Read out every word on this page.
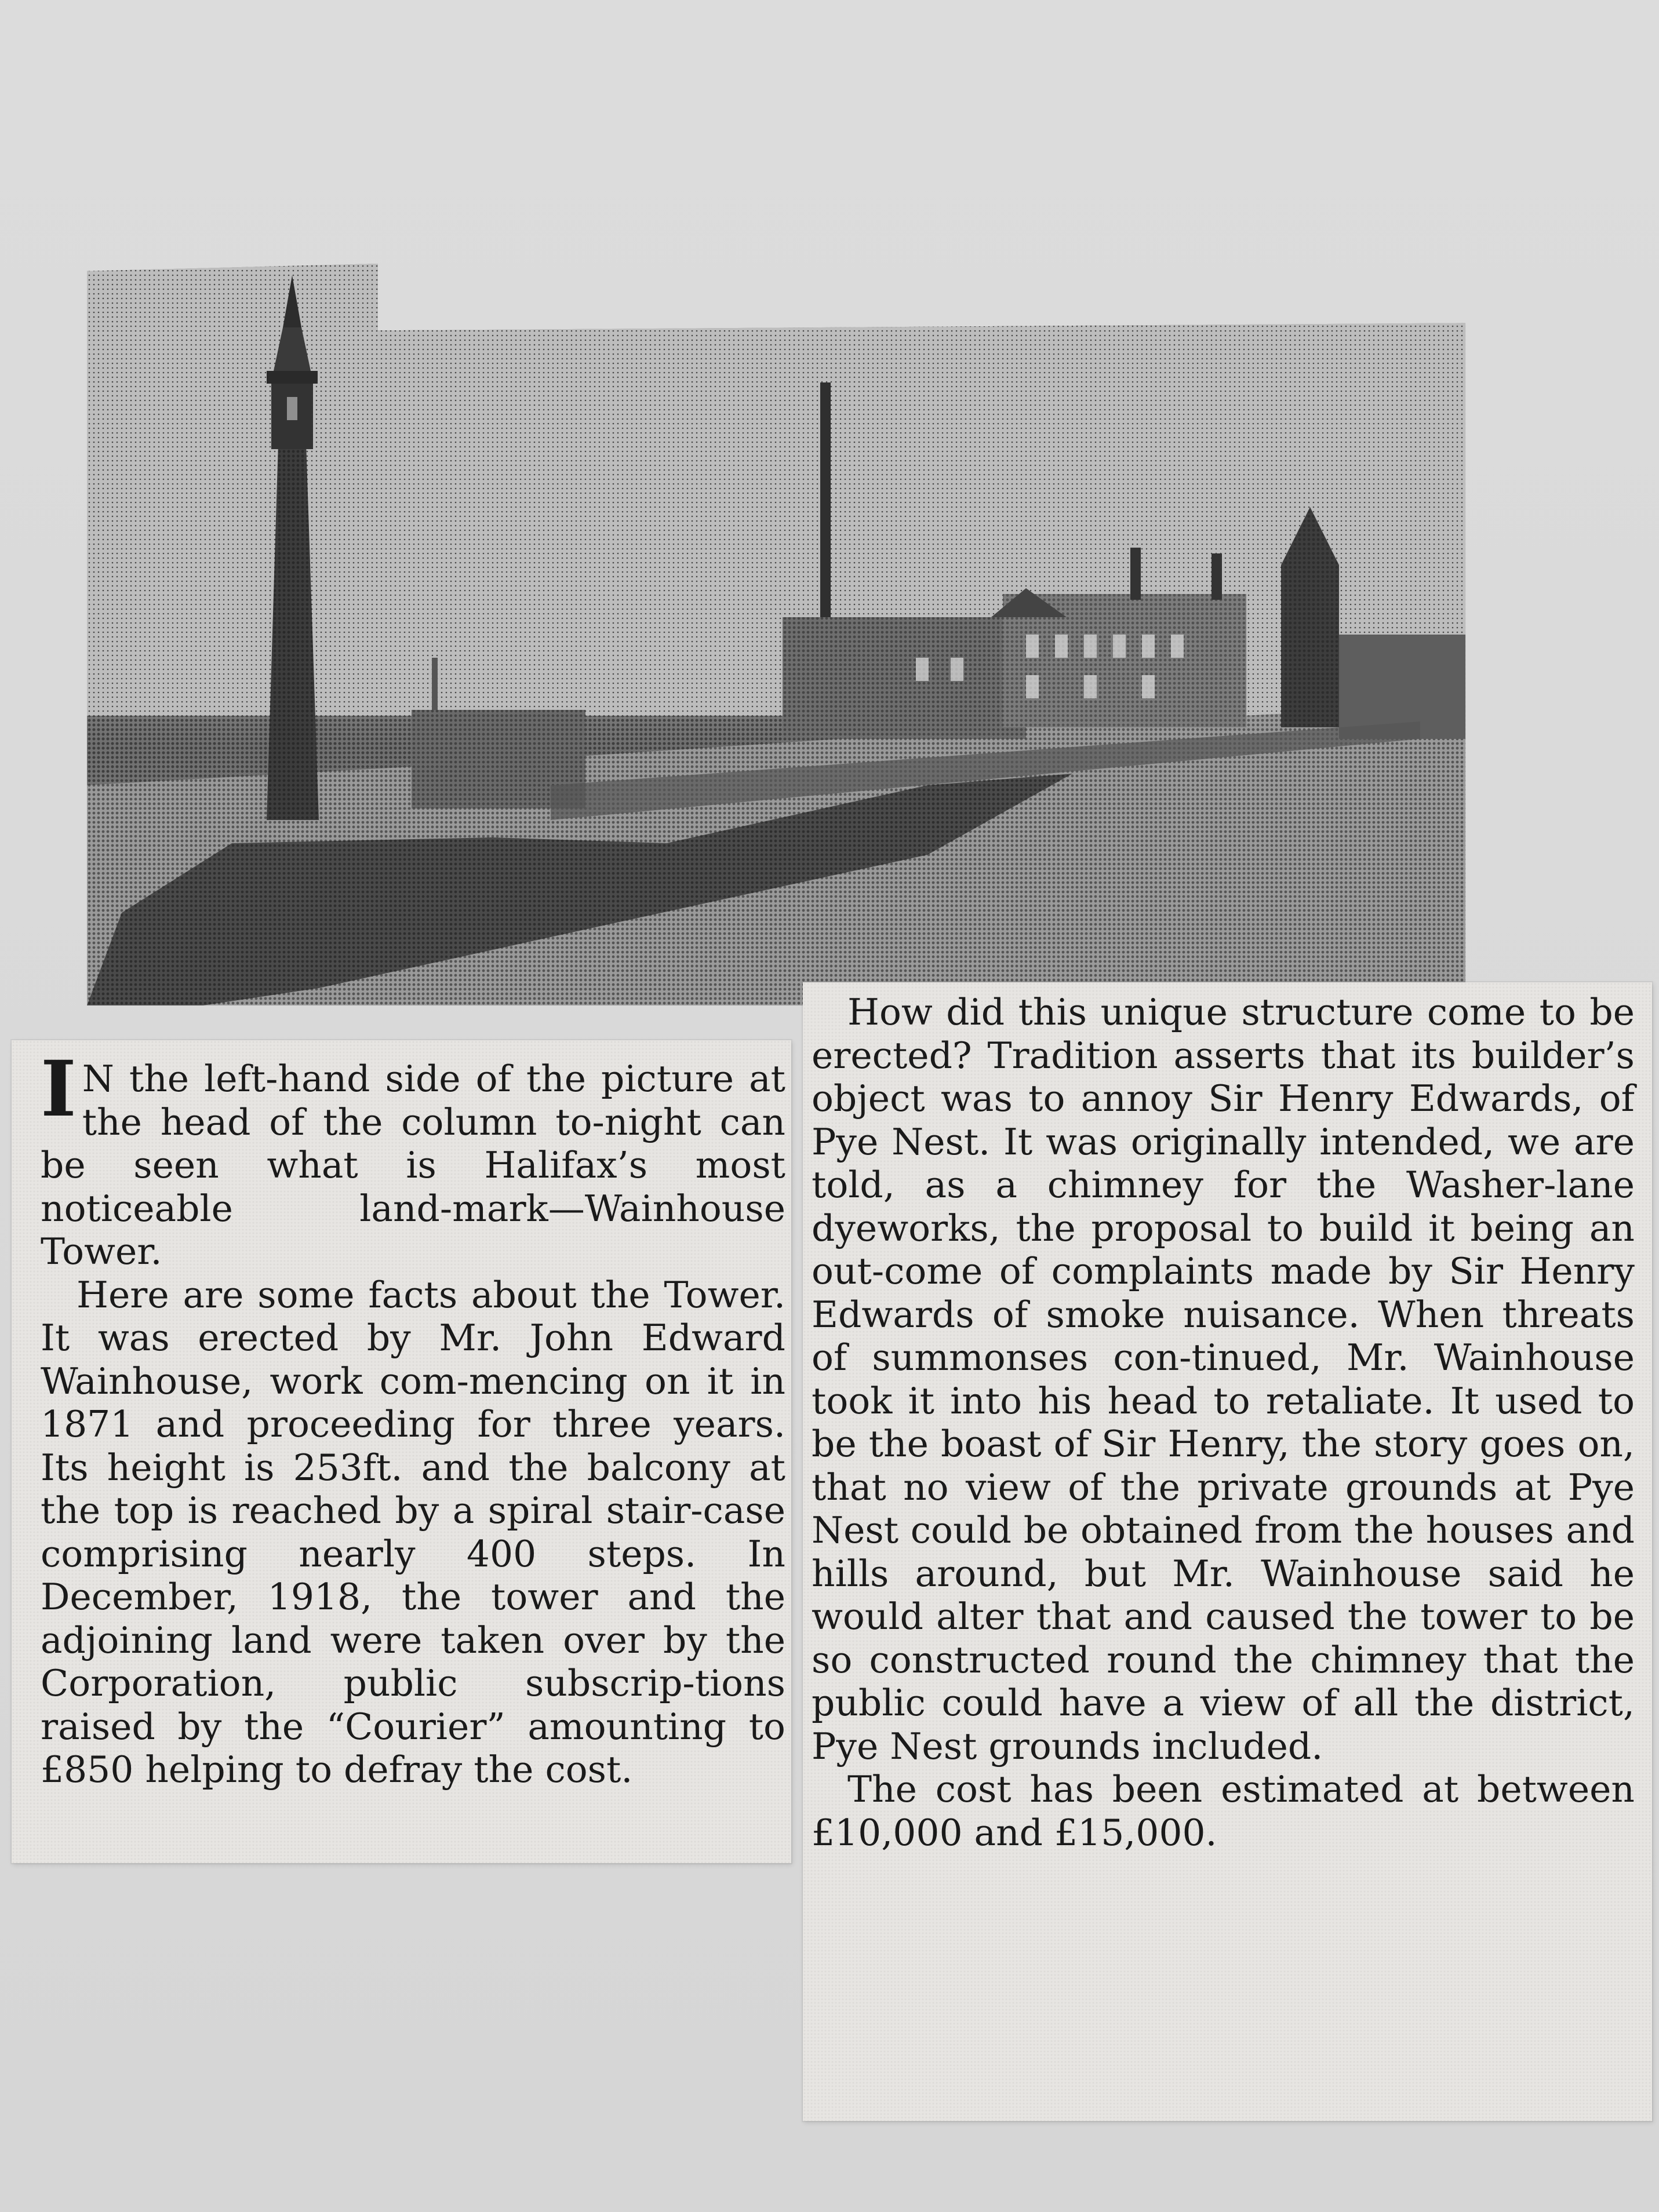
I N the left-hand side of the picture at the head of the column to-night can be seen what is Halifax’s most noticeable land-mark—Wainhouse Tower.

Here are some facts about the Tower. It was erected by Mr. John Edward Wainhouse, work com-mencing on it in 1871 and proceeding for three years. Its height is 253ft. and the balcony at the top is reached by a spiral stair-case comprising nearly 400 steps. In December, 1918, the tower and the adjoining land were taken over by the Corporation, public subscrip-tions raised by the “Courier” amounting to £850 helping to defray the cost.

How did this unique structure come to be erected? Tradition asserts that its builder’s object was to annoy Sir Henry Edwards, of Pye Nest. It was originally intended, we are told, as a chimney for the Washer-lane dyeworks, the proposal to build it being an out-come of complaints made by Sir Henry Edwards of smoke nuisance. When threats of summonses con-tinued, Mr. Wainhouse took it into his head to retaliate. It used to be the boast of Sir Henry, the story goes on, that no view of the private grounds at Pye Nest could be obtained from the houses and hills around, but Mr. Wainhouse said he would alter that and caused the tower to be so constructed round the chimney that the public could have a view of all the district, Pye Nest grounds included.

The cost has been estimated at between £10,000 and £15,000.
